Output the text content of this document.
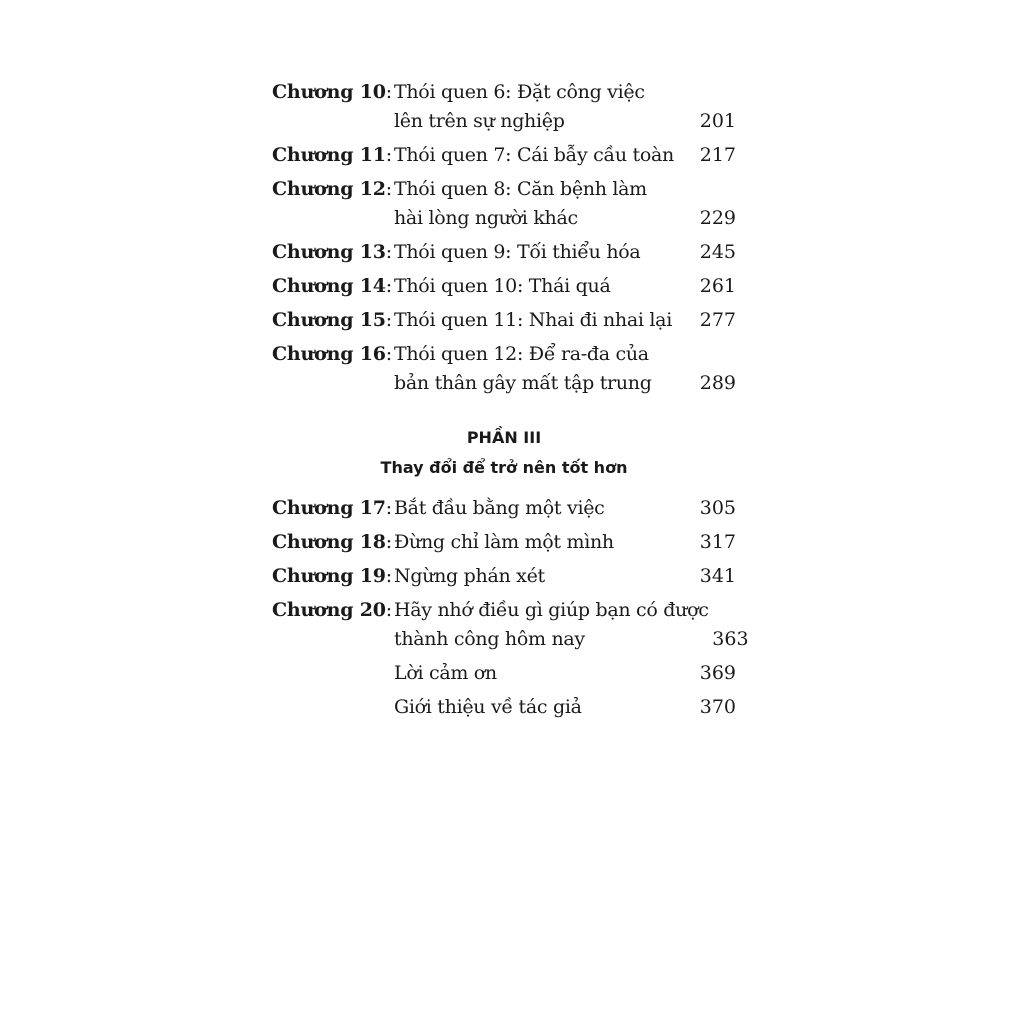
Chương 10: Thói quen 6: Đặt công việc
lên trên sự nghiệp	201
Chương 11: Thói quen 7: Cái bẫy cầu toàn 217
Chương 12: Thói quen 8: Căn bệnh làm
hài lòng người khác	229
Chương 13: Thói quen 9: Tối thiểu hóa	245
Chương 14: Thói quen 10: Thái quá	261
Chương 15: Thói quen 11: Nhai đi nhai lại 277
Chương 16: Thói quen 12: Để ra-đa của
bản thân gây mất tập trung	289
PHẦN III
Thay đổi để trở nên tốt hơn
Chương 17: Bắt đầu bằng một việc	305
Chương 18: Đừng chỉ làm một mình	317
Chương 19: Ngừng phán xét	341
Chương 20: Hãy nhớ điều gì giúp bạn có được
thành công hôm nay	363
Lời cảm ơn	369
Giới thiệu về tác giả	370
